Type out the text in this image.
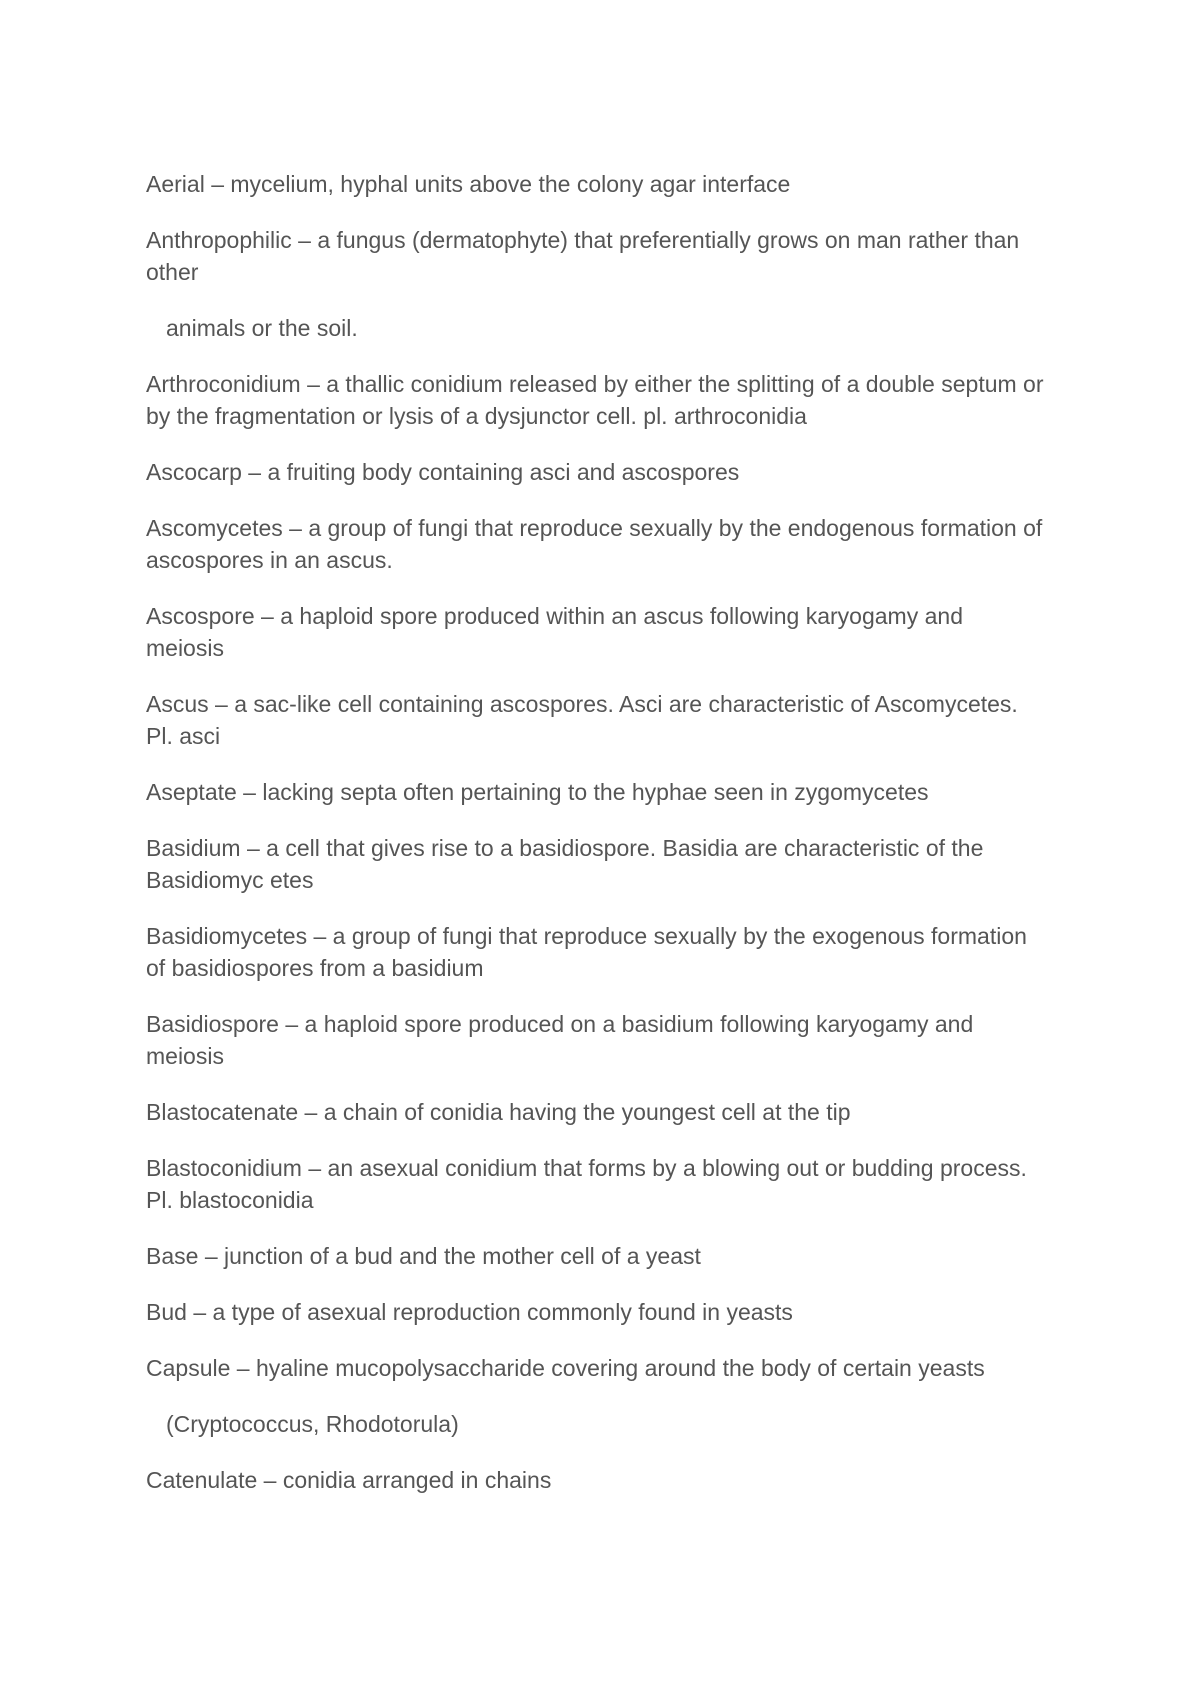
Aerial – mycelium, hyphal units above the colony agar interface

Anthropophilic – a fungus (dermatophyte) that preferentially grows on man rather than other

animals or the soil.

Arthroconidium – a thallic conidium released by either the splitting of a double septum or by the fragmentation or lysis of a dysjunctor cell. pl. arthroconidia

Ascocarp – a fruiting body containing asci and ascospores

Ascomycetes – a group of fungi that reproduce sexually by the endogenous formation of ascospores in an ascus.

Ascospore – a haploid spore produced within an ascus following karyogamy and meiosis

Ascus – a sac-like cell containing ascospores. Asci are characteristic of Ascomycetes. Pl. asci

Aseptate – lacking septa often pertaining to the hyphae seen in zygomycetes

Basidium – a cell that gives rise to a basidiospore. Basidia are characteristic of the Basidiomyc etes

Basidiomycetes – a group of fungi that reproduce sexually by the exogenous formation of basidiospores from a basidium

Basidiospore – a haploid spore produced on a basidium following karyogamy and meiosis

Blastocatenate – a chain of conidia having the youngest cell at the tip

Blastoconidium – an asexual conidium that forms by a blowing out or budding process. Pl. blastoconidia

Base – junction of a bud and the mother cell of a yeast

Bud – a type of asexual reproduction commonly found in yeasts

Capsule – hyaline mucopolysaccharide covering around the body of certain yeasts

(Cryptococcus, Rhodotorula)

Catenulate – conidia arranged in chains
